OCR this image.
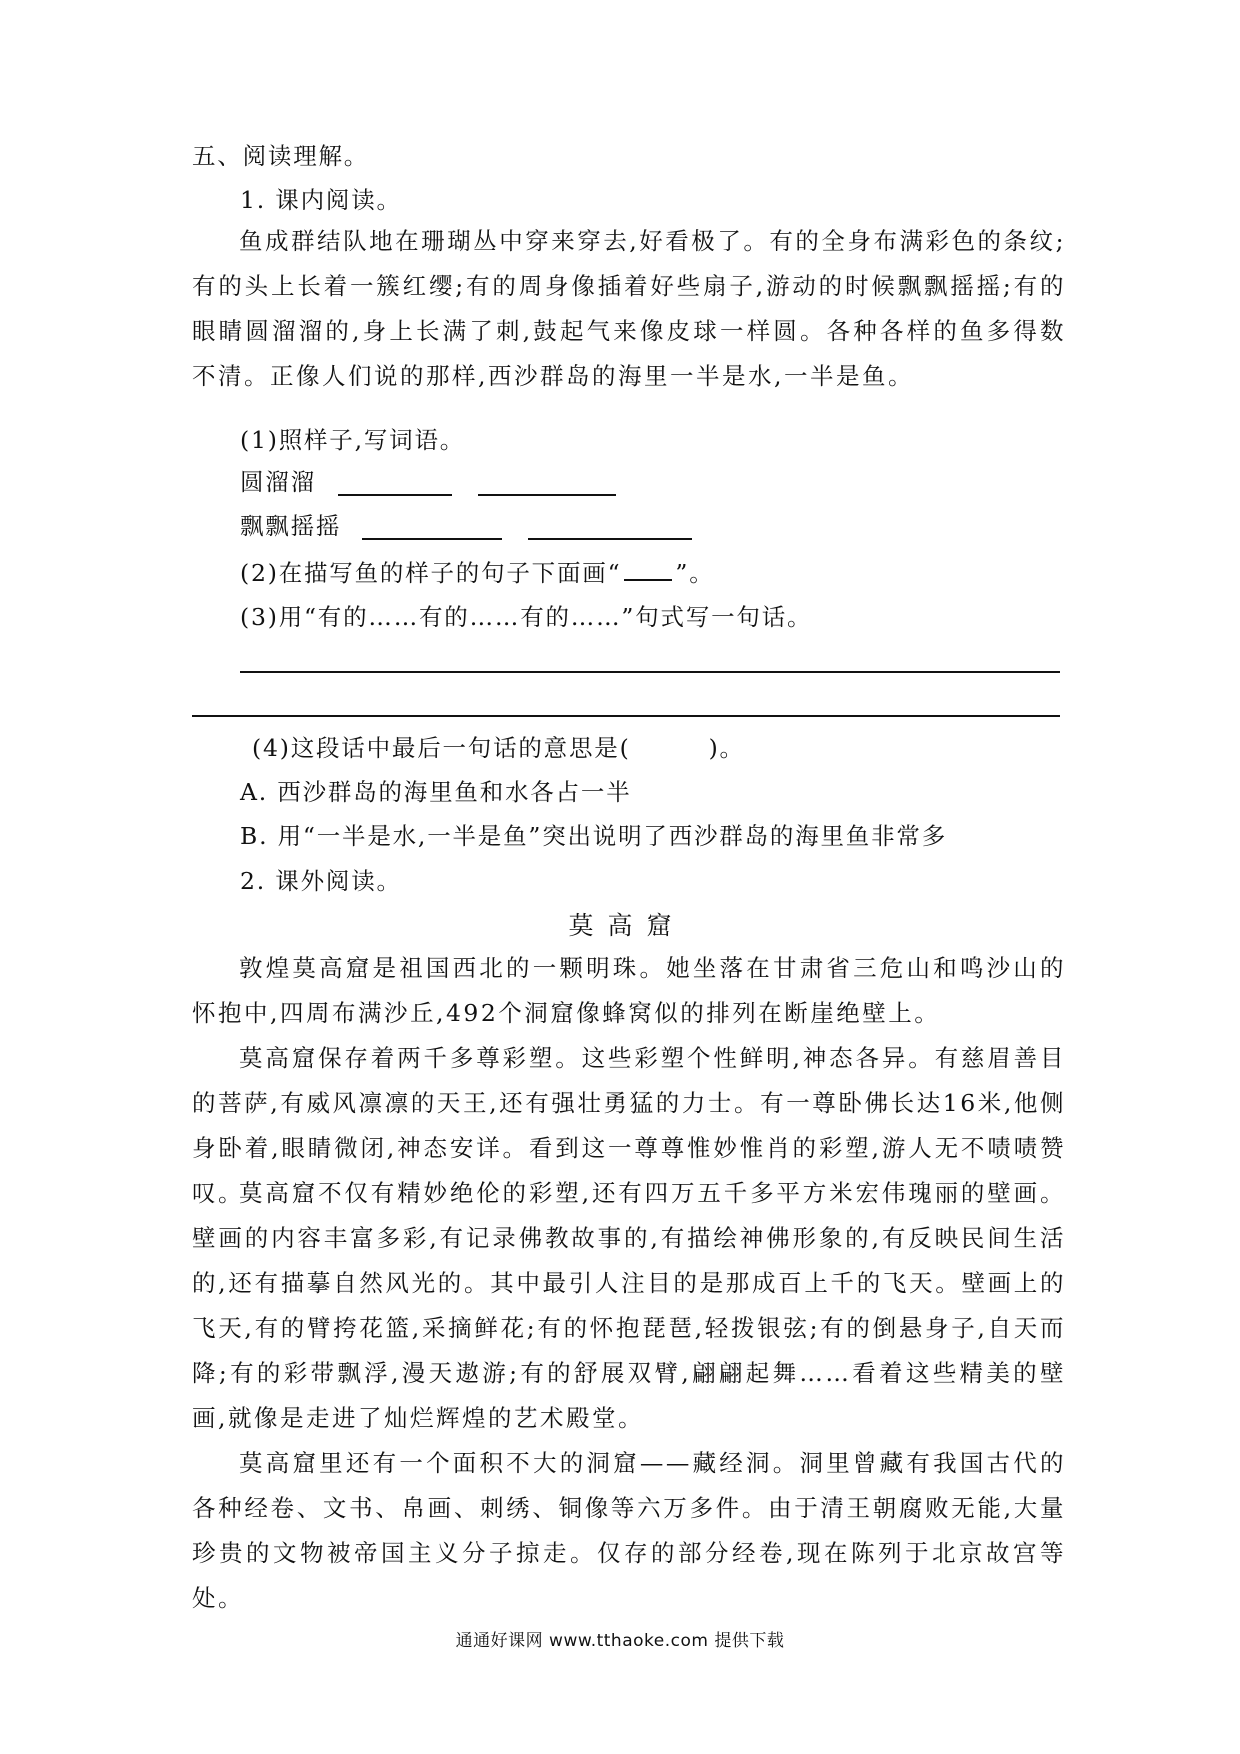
五、阅读理解。
1. 课内阅读。

鱼成群结队地在珊瑚丛中穿来穿去,好看极了。有的全身布满彩色的条纹;有的头上长着一簇红缨;有的周身像插着好些扇子,游动的时候飘飘摇摇;有的眼睛圆溜溜的,身上长满了刺,鼓起气来像皮球一样圆。各种各样的鱼多得数不清。正像人们说的那样,西沙群岛的海里一半是水,一半是鱼。

(1)照样子,写词语。
圆溜溜
飘飘摇摇
(2)在描写鱼的样子的句子下面画“ ”。
(3)用“有的……有的……有的……”句式写一句话。
(4)这段话中最后一句话的意思是(	)。
A. 西沙群岛的海里鱼和水各占一半
B. 用“一半是水,一半是鱼”突出说明了西沙群岛的海里鱼非常多
2. 课外阅读。
莫高窟

敦煌莫高窟是祖国西北的一颗明珠。她坐落在甘肃省三危山和鸣沙山的怀抱中,四周布满沙丘,492个洞窟像蜂窝似的排列在断崖绝壁上。

莫高窟保存着两千多尊彩塑。这些彩塑个性鲜明,神态各异。有慈眉善目的菩萨,有威风凛凛的天王,还有强壮勇猛的力士。有一尊卧佛长达16米,他侧身卧着,眼睛微闭,神态安详。看到这一尊尊惟妙惟肖的彩塑,游人无不啧啧赞叹。

莫高窟不仅有精妙绝伦的彩塑,还有四万五千多平方米宏伟瑰丽的壁画。壁画的内容丰富多彩,有记录佛教故事的,有描绘神佛形象的,有反映民间生活的,还有描摹自然风光的。其中最引人注目的是那成百上千的飞天。壁画上的飞天,有的臂挎花篮,采摘鲜花;有的怀抱琵琶,轻拨银弦;有的倒悬身子,自天而降;有的彩带飘浮,漫天遨游;有的舒展双臂,翩翩起舞……看着这些精美的壁画,就像是走进了灿烂辉煌的艺术殿堂。

莫高窟里还有一个面积不大的洞窟——藏经洞。洞里曾藏有我国古代的各种经卷、文书、帛画、刺绣、铜像等六万多件。由于清王朝腐败无能,大量珍贵的文物被帝国主义分子掠走。仅存的部分经卷,现在陈列于北京故宫等处。

通通好课网 www.tthaoke.com 提供下载
